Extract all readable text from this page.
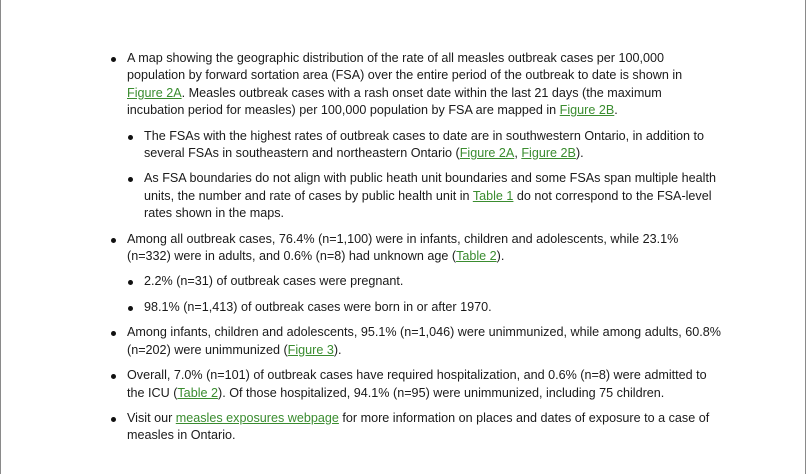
A map showing the geographic distribution of the rate of all measles outbreak cases per 100,000 population by forward sortation area (FSA) over the entire period of the outbreak to date is shown in Figure 2A. Measles outbreak cases with a rash onset date within the last 21 days (the maximum incubation period for measles) per 100,000 population by FSA are mapped in Figure 2B.
The FSAs with the highest rates of outbreak cases to date are in southwestern Ontario, in addition to several FSAs in southeastern and northeastern Ontario (Figure 2A, Figure 2B).
As FSA boundaries do not align with public heath unit boundaries and some FSAs span multiple health units, the number and rate of cases by public health unit in Table 1 do not correspond to the FSA-level rates shown in the maps.
Among all outbreak cases, 76.4% (n=1,100) were in infants, children and adolescents, while 23.1% (n=332) were in adults, and 0.6% (n=8) had unknown age (Table 2).
2.2% (n=31) of outbreak cases were pregnant.
98.1% (n=1,413) of outbreak cases were born in or after 1970.
Among infants, children and adolescents, 95.1% (n=1,046) were unimmunized, while among adults, 60.8% (n=202) were unimmunized (Figure 3).
Overall, 7.0% (n=101) of outbreak cases have required hospitalization, and 0.6% (n=8) were admitted to the ICU (Table 2). Of those hospitalized, 94.1% (n=95) were unimmunized, including 75 children.
Visit our measles exposures webpage for more information on places and dates of exposure to a case of measles in Ontario.
